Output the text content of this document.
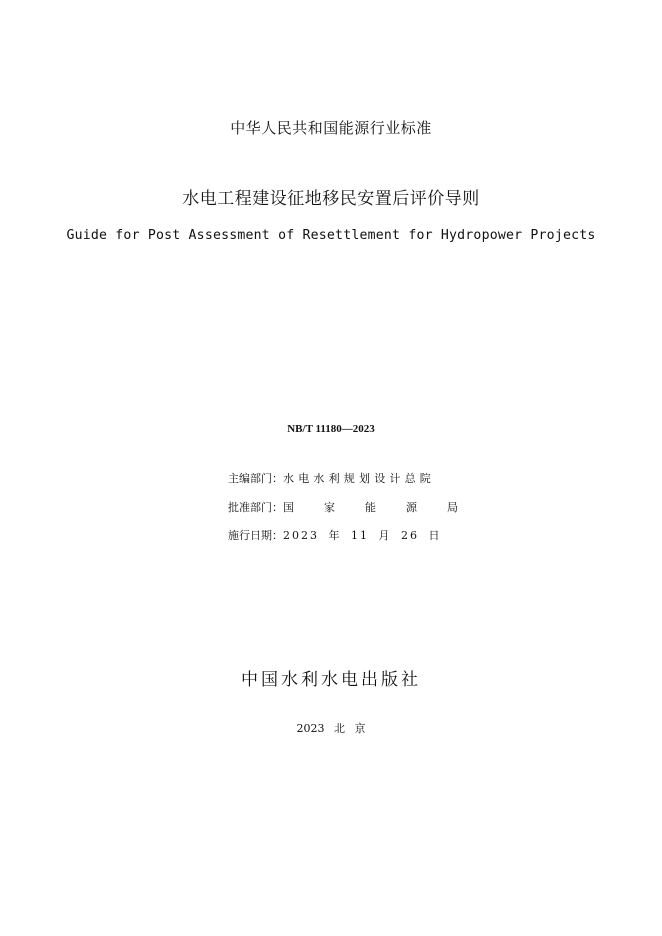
中华人民共和国能源行业标准
水电工程建设征地移民安置后评价导则
Guide for Post Assessment of Resettlement for Hydropower Projects
NB/T 11180—2023
主编部门： 水电水利规划设计总院
批准部门： 国家能源局
施行日期： 2023 年 11 月 26 日
中国水利水电出版社
2023 北 京
